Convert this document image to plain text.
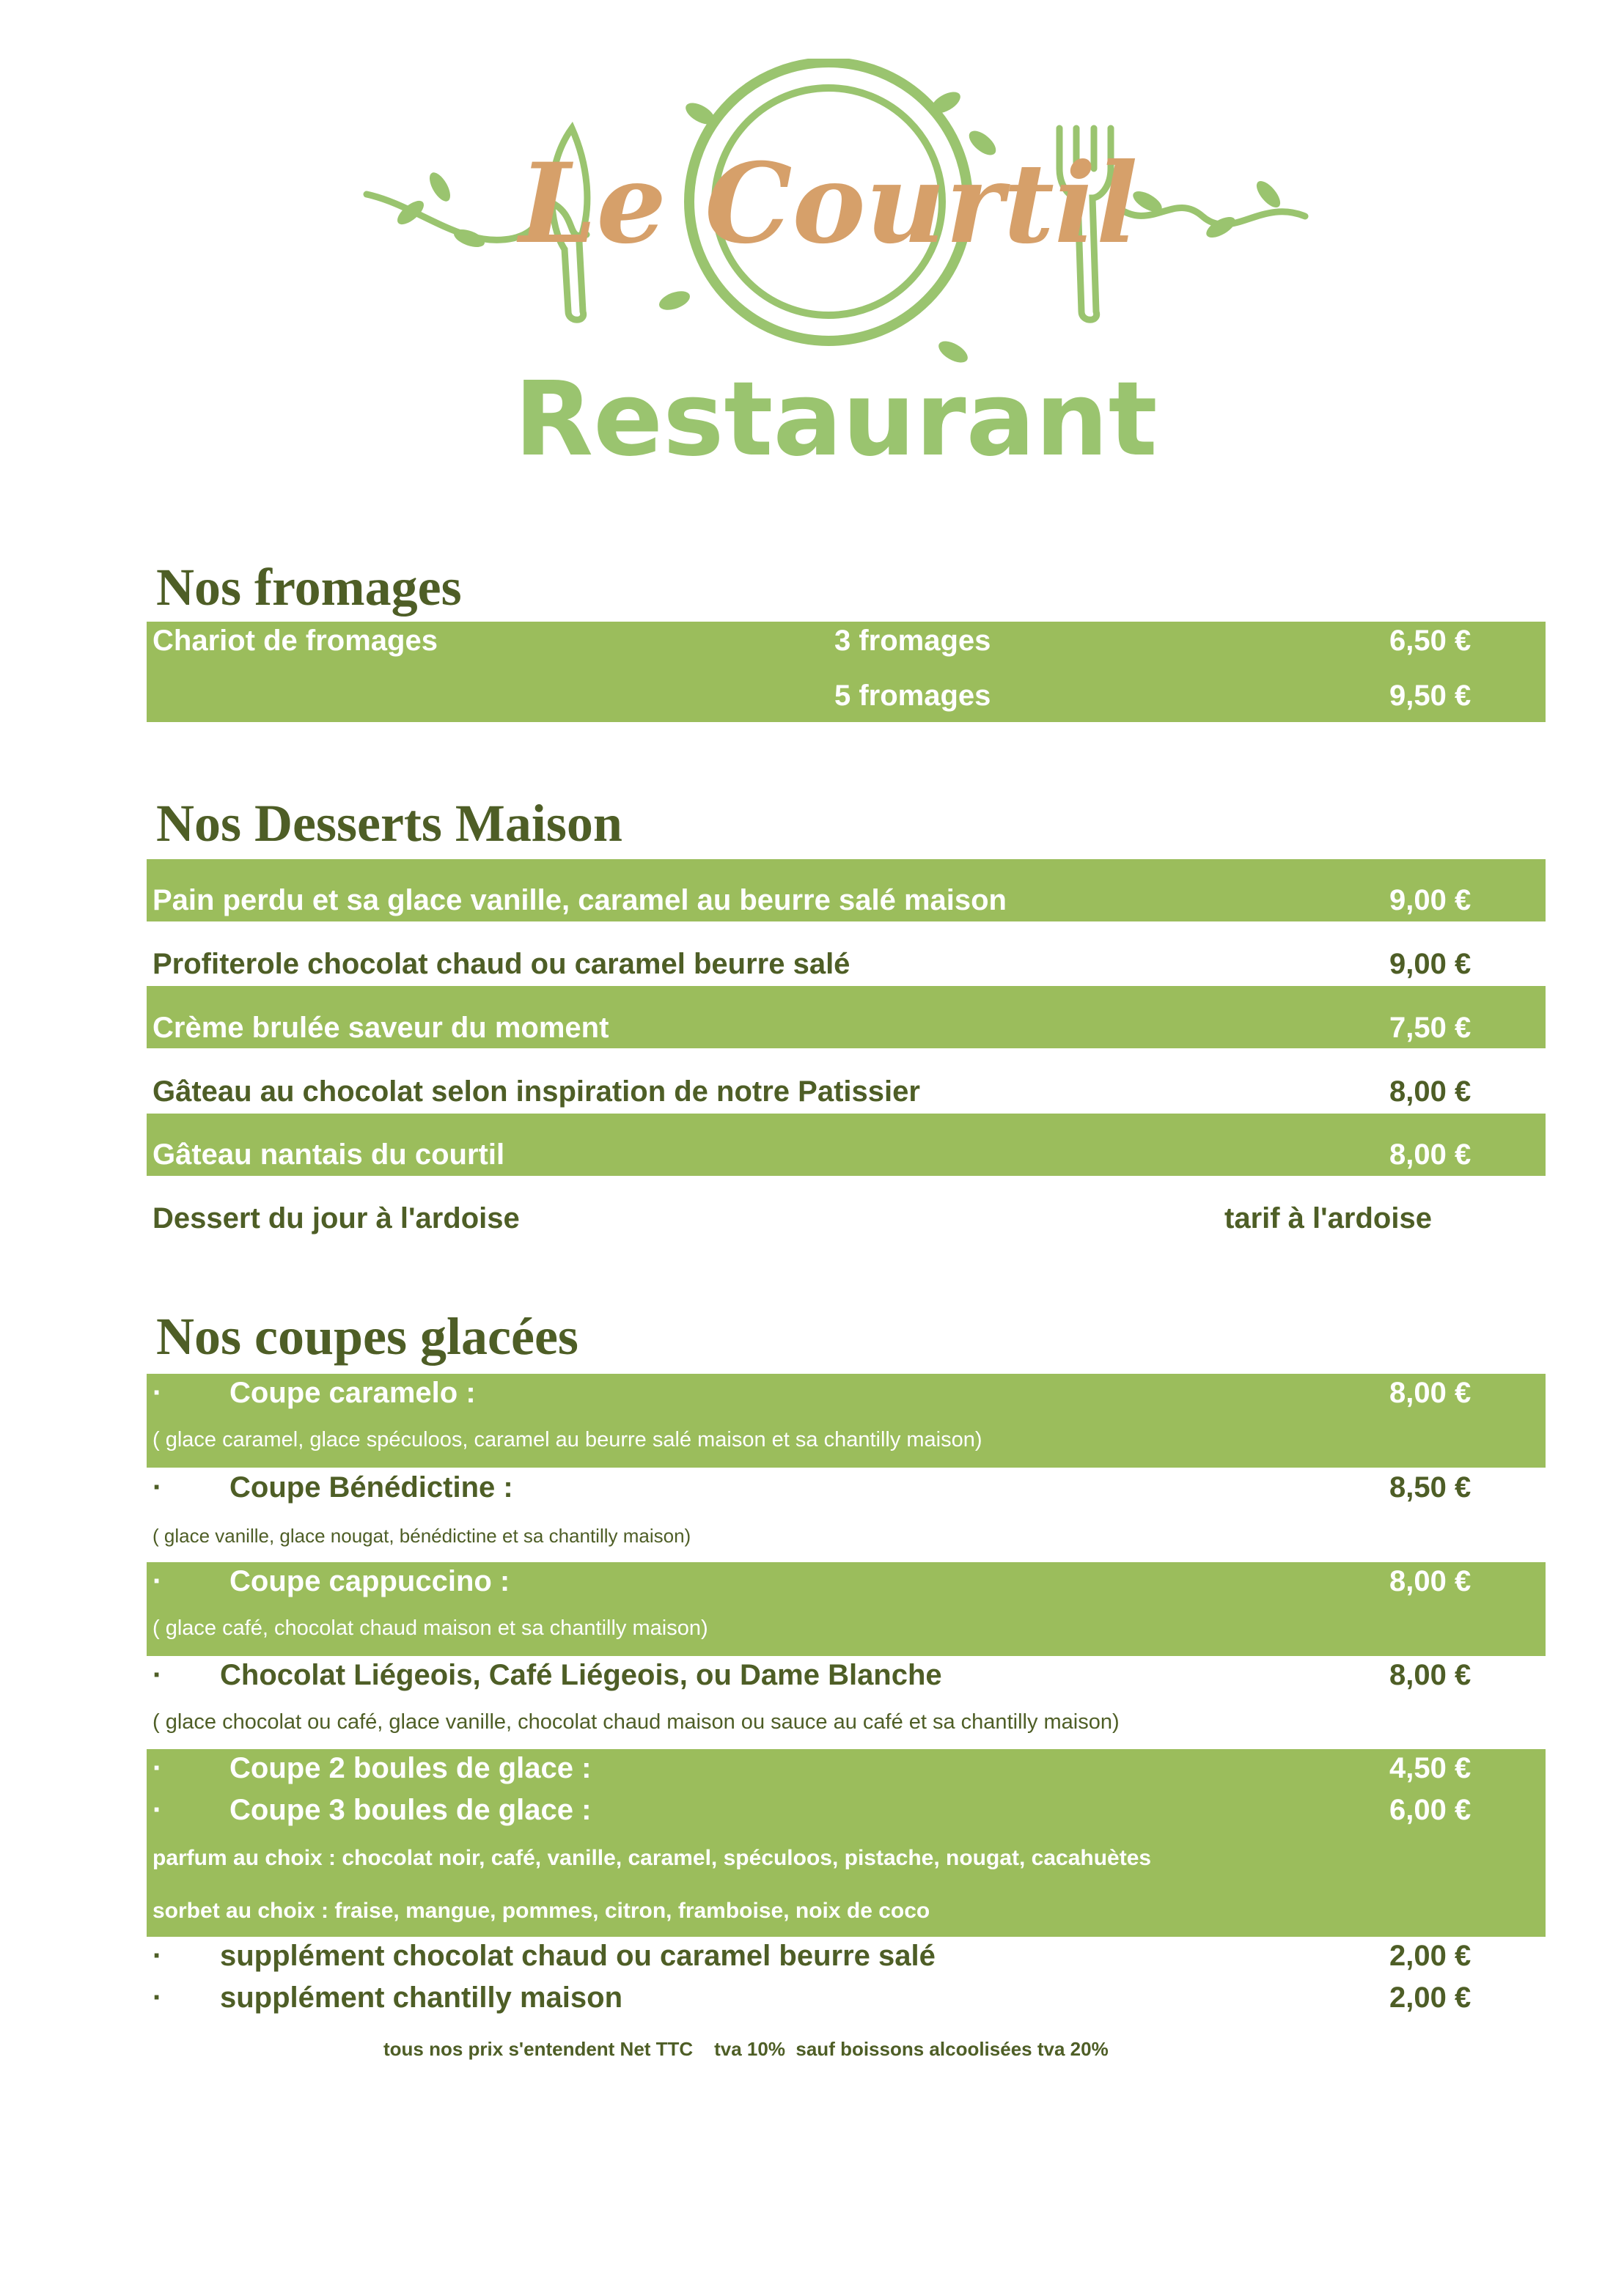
Le Courtil
Restaurant
Nos fromages
Chariot de fromages	3 fromages	6,50 €
5 fromages	9,50 €
Nos Desserts Maison
Pain perdu et sa glace vanille, caramel au beurre salé maison	9,00 €
Profiterole chocolat chaud ou caramel beurre salé	9,00 €
Crème brulée saveur du moment	7,50 €
Gâteau au chocolat selon inspiration de notre Patissier	8,00 €
Gâteau nantais du courtil	8,00 €
Dessert du jour à l'ardoise	tarif à l'ardoise
Nos coupes glacées
· Coupe caramelo :	8,00 €
( glace caramel, glace spéculoos, caramel au beurre salé maison et sa chantilly maison)
· Coupe Bénédictine :	8,50 €
( glace vanille, glace nougat, bénédictine et sa chantilly maison)
· Coupe cappuccino :	8,00 €
( glace café, chocolat chaud maison et sa chantilly maison)
· Chocolat Liégeois, Café Liégeois, ou Dame Blanche	8,00 €
( glace chocolat ou café, glace vanille, chocolat chaud maison ou sauce au café et sa chantilly maison)
· Coupe 2 boules de glace :	4,50 €
· Coupe 3 boules de glace :	6,00 €
parfum au choix : chocolat noir, café, vanille, caramel, spéculoos, pistache, nougat, cacahuètes
sorbet au choix : fraise, mangue, pommes, citron, framboise, noix de coco
· supplément chocolat chaud ou caramel beurre salé	2,00 €
· supplément chantilly maison	2,00 €
tous nos prix s'entendent Net TTC    tva 10%  sauf boissons alcoolisées tva 20%
